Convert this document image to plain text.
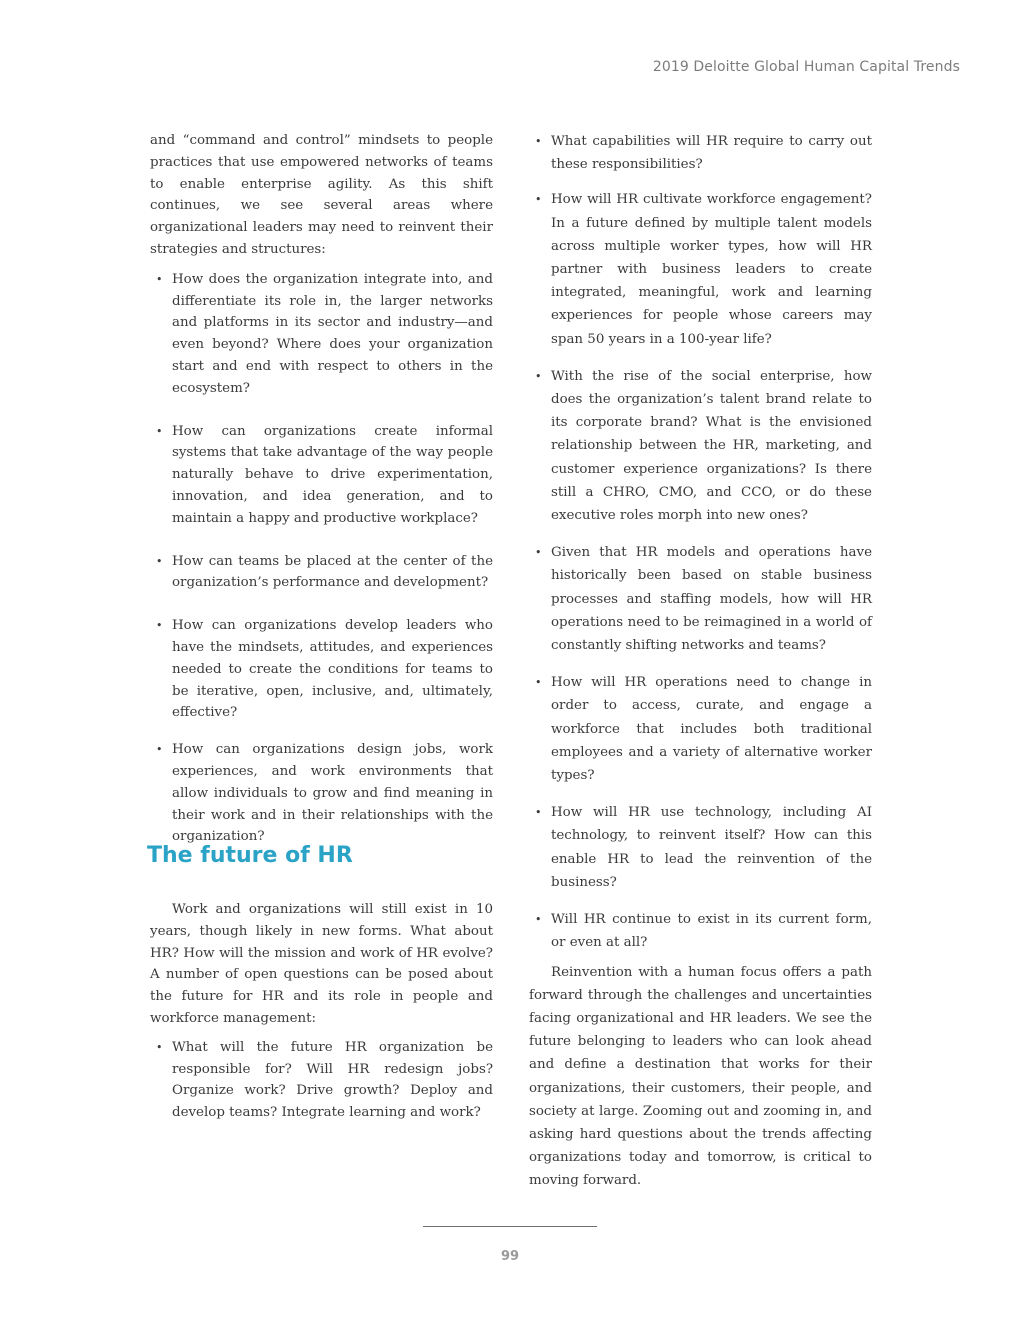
2019 Deloitte Global Human Capital Trends

and “command and control” mindsets to people practices that use empowered networks of teams to enable enterprise agility. As this shift continues, we see several areas where organizational leaders may need to reinvent their strategies and structures:

• How does the organization integrate into, and differentiate its role in, the larger networks and platforms in its sector and industry—and even beyond? Where does your organization start and end with respect to others in the ecosystem?
• How can organizations create informal systems that take advantage of the way people naturally behave to drive experimentation, innovation, and idea generation, and to maintain a happy and productive workplace?
• How can teams be placed at the center of the organization’s performance and development?
• How can organizations develop leaders who have the mindsets, attitudes, and experiences needed to create the conditions for teams to be iterative, open, inclusive, and, ultimately, effective?
• How can organizations design jobs, work experiences, and work environments that allow individuals to grow and find meaning in their work and in their relationships with the organization?
The future of HR

Work and organizations will still exist in 10 years, though likely in new forms. What about HR? How will the mission and work of HR evolve? A number of open questions can be posed about the future for HR and its role in people and workforce management:

• What will the future HR organization be responsible for? Will HR redesign jobs? Organize work? Drive growth? Deploy and develop teams? Integrate learning and work?
• What capabilities will HR require to carry out these responsibilities?
• How will HR cultivate workforce engagement? In a future defined by multiple talent models across multiple worker types, how will HR partner with business leaders to create integrated, meaningful, work and learning experiences for people whose careers may span 50 years in a 100-year life?
• With the rise of the social enterprise, how does the organization’s talent brand relate to its corporate brand? What is the envisioned relationship between the HR, marketing, and customer experience organizations? Is there still a CHRO, CMO, and CCO, or do these executive roles morph into new ones?
• Given that HR models and operations have historically been based on stable business processes and staffing models, how will HR operations need to be reimagined in a world of constantly shifting networks and teams?
• How will HR operations need to change in order to access, curate, and engage a workforce that includes both traditional employees and a variety of alternative worker types?
• How will HR use technology, including AI technology, to reinvent itself? How can this enable HR to lead the reinvention of the business?
• Will HR continue to exist in its current form, or even at all?

Reinvention with a human focus offers a path forward through the challenges and uncertainties facing organizational and HR leaders. We see the future belonging to leaders who can look ahead and define a destination that works for their organizations, their customers, their people, and society at large. Zooming out and zooming in, and asking hard questions about the trends affecting organizations today and tomorrow, is critical to moving forward.

99
